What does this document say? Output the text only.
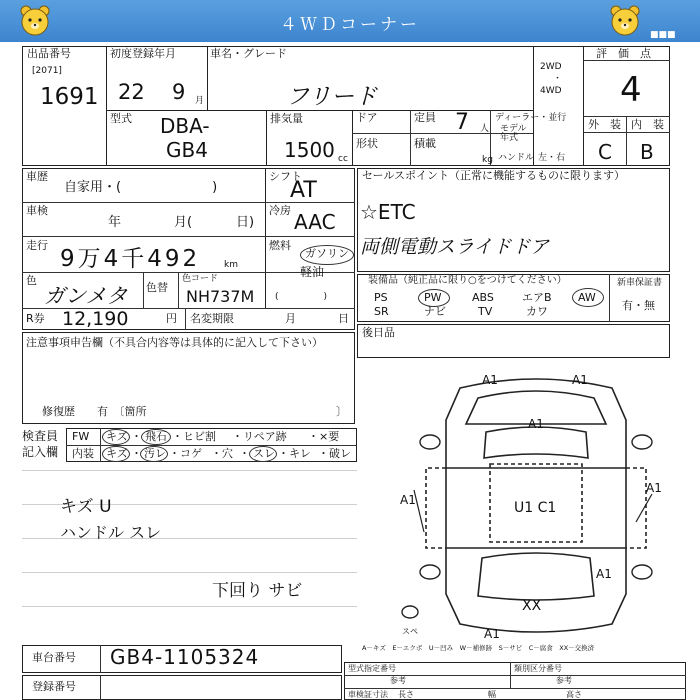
４ＷＤコーナー	■■■
出品番号
[2071]
1691
初度登録年月
22 9 月
車名・グレード
フリード
2WD
・
4WD
評　価　点
4
外　装 内　装
C B
型式 DBA-
GB4
排気量
1500 cc
ドア	定員 7 人
ディーラー・並行
モデル
年式
形状	積載
kg ハンドル 左・右
車歴
自家用・(　　　　　　　)
シフト
AT
車検
年	月(	日)
冷房 AAC
走行
9万4千492	km
燃料
ガソリン
軽油
(　　　　　)
色
ガンメタ 色替
色コード
NH737M
R券 12,190	円 名変期限	月	日
注意事項申告欄（不具合内容等は具体的に記入して下さい）
修復歴　　有　〔箇所	〕
セールスポイント（正常に機能するものに限ります）
☆ETC
両側電動スライドドア
装備品（純正品に限り○をつけてください）
PS	PW	ABS	エアB AW
SR	ナビ	TV	カワ
新車保証書
有・無
後日品
検査員
記入欄
FW
内装
キズ ・ 飛石 ・ヒビ割 ・リペア跡 ・×要
キズ ・ 汚レ ・コゲ ・穴 ・ スレ ・キレ ・破レ
キズ U
ハンドル スレ
下回り サビ
A1	A1
A1
A1	U1 C1
A1
A1
XX
A1
スペ
A－キズ　E－エクボ　U－凹み　W－補修跡　S－サビ　C－腐食　XX－交換済
車台番号 GB4-1105324
登録番号
型式指定番号
参考
類別区分番号
参考
車検証寸法 長さ	幅	高さ
